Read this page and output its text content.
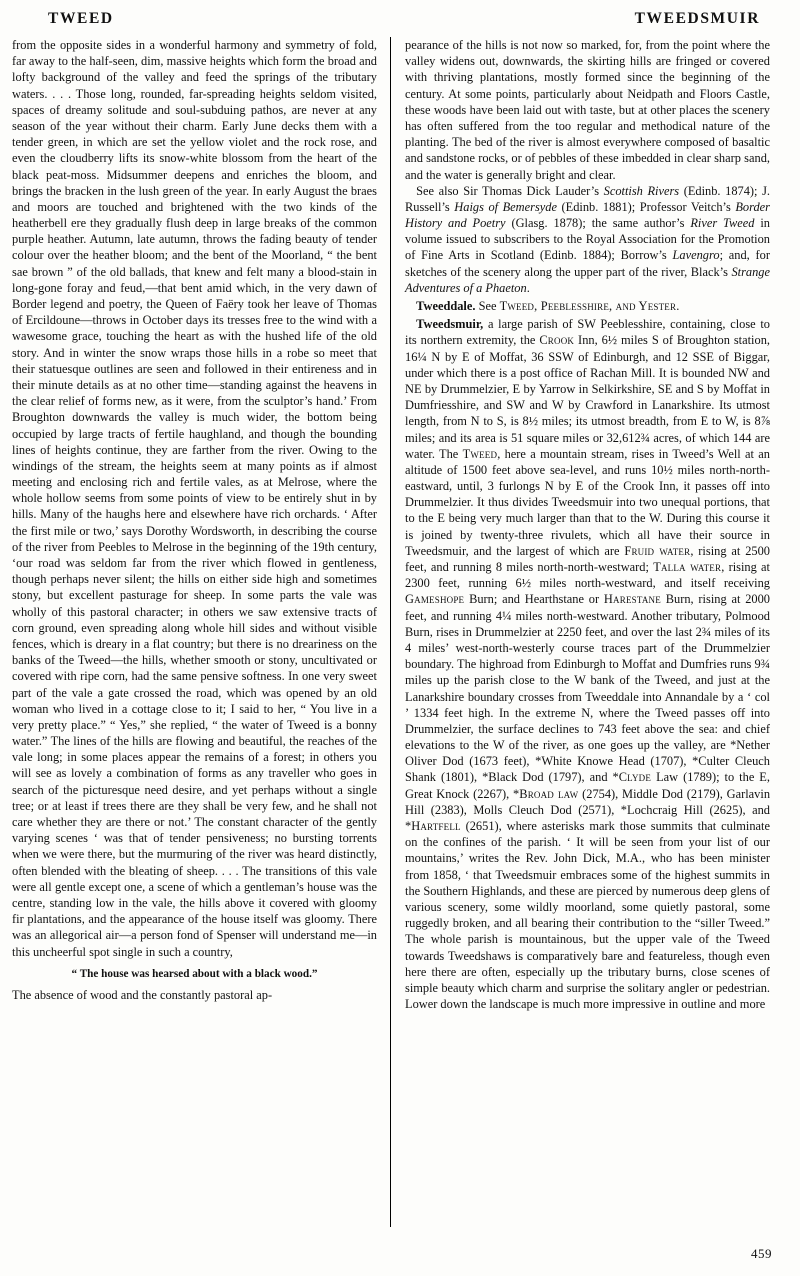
TWEED	TWEEDSMUIR

from the opposite sides in a wonderful harmony and symmetry of fold, far away to the half-seen, dim, massive heights which form the broad and lofty background of the valley and feed the springs of the tributary waters. . . . Those long, rounded, far-spreading heights seldom visited, spaces of dreamy solitude and soul-subduing pathos, are never at any season of the year without their charm. Early June decks them with a tender green, in which are set the yellow violet and the rock rose, and even the cloudberry lifts its snow-white blossom from the heart of the black peat-moss. Midsummer deepens and enriches the bloom, and brings the bracken in the lush green of the year. In early August the braes and moors are touched and brightened with the two kinds of the heatherbell ere they gradually flush deep in large breaks of the common purple heather. Autumn, late autumn, throws the fading beauty of tender colour over the heather bloom; and the bent of the Moorland, “ the bent sae brown ” of the old ballads, that knew and felt many a blood-stain in long-gone foray and feud,—that bent amid which, in the very dawn of Border legend and poetry, the Queen of Faëry took her leave of Thomas of Ercildoune—throws in October days its tresses free to the wind with a wawesome grace, touching the heart as with the hushed life of the old story. And in winter the snow wraps those hills in a robe so meet that their statuesque outlines are seen and followed in their entireness and in their minute details as at no other time—standing against the heavens in the clear relief of forms new, as it were, from the sculptor’s hand.’ From Broughton downwards the valley is much wider, the bottom being occupied by large tracts of fertile haughland, and though the bounding lines of heights continue, they are farther from the river. Owing to the windings of the stream, the heights seem at many points as if almost meeting and enclosing rich and fertile vales, as at Melrose, where the whole hollow seems from some points of view to be entirely shut in by hills. Many of the haughs here and elsewhere have rich orchards. ‘ After the first mile or two,’ says Dorothy Wordsworth, in describing the course of the river from Peebles to Melrose in the beginning of the 19th century, ‘our road was seldom far from the river which flowed in gentleness, though perhaps never silent; the hills on either side high and sometimes stony, but excellent pasturage for sheep. In some parts the vale was wholly of this pastoral character; in others we saw extensive tracts of corn ground, even spreading along whole hill sides and without visible fences, which is dreary in a flat country; but there is no dreariness on the banks of the Tweed—the hills, whether smooth or stony, uncultivated or covered with ripe corn, had the same pensive softness. In one very sweet part of the vale a gate crossed the road, which was opened by an old woman who lived in a cottage close to it; I said to her, “ You live in a very pretty place.” “ Yes,” she replied, “ the water of Tweed is a bonny water.” The lines of the hills are flowing and beautiful, the reaches of the vale long; in some places appear the remains of a forest; in others you will see as lovely a combination of forms as any traveller who goes in search of the picturesque need desire, and yet perhaps without a single tree; or at least if trees there are they shall be very few, and he shall not care whether they are there or not.’ The constant character of the gently varying scenes ‘ was that of tender pensiveness; no bursting torrents when we were there, but the murmuring of the river was heard distinctly, often blended with the bleating of sheep. . . . The transitions of this vale were all gentle except one, a scene of which a gentleman’s house was the centre, standing low in the vale, the hills above it covered with gloomy fir plantations, and the appearance of the house itself was gloomy. There was an allegorical air—a person fond of Spenser will understand me—in this uncheerful spot single in such a country,

“ The house was hearsed about with a black wood.”

The absence of wood and the constantly pastoral ap-

pearance of the hills is not now so marked, for, from the point where the valley widens out, downwards, the skirting hills are fringed or covered with thriving plantations, mostly formed since the beginning of the century. At some points, particularly about Neidpath and Floors Castle, these woods have been laid out with taste, but at other places the scenery has often suffered from the too regular and methodical nature of the planting. The bed of the river is almost everywhere composed of basaltic and sandstone rocks, or of pebbles of these imbedded in clear sharp sand, and the water is generally bright and clear.

See also Sir Thomas Dick Lauder’s Scottish Rivers (Edinb. 1874); J. Russell’s Haigs of Bemersyde (Edinb. 1881); Professor Veitch’s Border History and Poetry (Glasg. 1878); the same author’s River Tweed in volume issued to subscribers to the Royal Association for the Promotion of Fine Arts in Scotland (Edinb. 1884); Borrow’s Lavengro; and, for sketches of the scenery along the upper part of the river, Black’s Strange Adventures of a Phaeton.

Tweeddale. See Tweed, Peeblesshire, and Yester.

Tweedsmuir, a large parish of SW Peeblesshire, containing, close to its northern extremity, the Crook Inn, 6½ miles S of Broughton station, 16¼ N by E of Moffat, 36 SSW of Edinburgh, and 12 SSE of Biggar, under which there is a post office of Rachan Mill. It is bounded NW and NE by Drummelzier, E by Yarrow in Selkirkshire, SE and S by Moffat in Dumfriesshire, and SW and W by Crawford in Lanarkshire. Its utmost length, from N to S, is 8½ miles; its utmost breadth, from E to W, is 8⅞ miles; and its area is 51 square miles or 32,612¾ acres, of which 144 are water. The Tweed, here a mountain stream, rises in Tweed’s Well at an altitude of 1500 feet above sea-level, and runs 10½ miles north-north-eastward, until, 3 furlongs N by E of the Crook Inn, it passes off into Drummelzier. It thus divides Tweedsmuir into two unequal portions, that to the E being very much larger than that to the W. During this course it is joined by twenty-three rivulets, which all have their source in Tweedsmuir, and the largest of which are Fruid water, rising at 2500 feet, and running 8 miles north-north-westward; Talla water, rising at 2300 feet, running 6½ miles north-westward, and itself receiving Gameshope Burn; and Hearthstane or Harestane Burn, rising at 2000 feet, and running 4¼ miles north-westward. Another tributary, Polmood Burn, rises in Drummelzier at 2250 feet, and over the last 2¾ miles of its 4 miles’ west-north-westerly course traces part of the Drummelzier boundary. The highroad from Edinburgh to Moffat and Dumfries runs 9¾ miles up the parish close to the W bank of the Tweed, and just at the Lanarkshire boundary crosses from Tweeddale into Annandale by a ‘ col ’ 1334 feet high. In the extreme N, where the Tweed passes off into Drummelzier, the surface declines to 743 feet above the sea: and chief elevations to the W of the river, as one goes up the valley, are *Nether Oliver Dod (1673 feet), *White Knowe Head (1707), *Culter Cleuch Shank (1801), *Black Dod (1797), and *Clyde Law (1789); to the E, Great Knock (2267), *Broad law (2754), Middle Dod (2179), Garlavin Hill (2383), Molls Cleuch Dod (2571), *Lochcraig Hill (2625), and *Hartfell (2651), where asterisks mark those summits that culminate on the confines of the parish. ‘ It will be seen from your list of our mountains,’ writes the Rev. John Dick, M.A., who has been minister from 1858, ‘ that Tweedsmuir embraces some of the highest summits in the Southern Highlands, and these are pierced by numerous deep glens of various scenery, some wildly moorland, some quietly pastoral, some ruggedly broken, and all bearing their contribution to the “siller Tweed.” The whole parish is mountainous, but the upper vale of the Tweed towards Tweedshaws is comparatively bare and featureless, though even here there are often, especially up the tributary burns, close scenes of simple beauty which charm and surprise the solitary angler or pedestrian. Lower down the landscape is much more impressive in outline and more

459
